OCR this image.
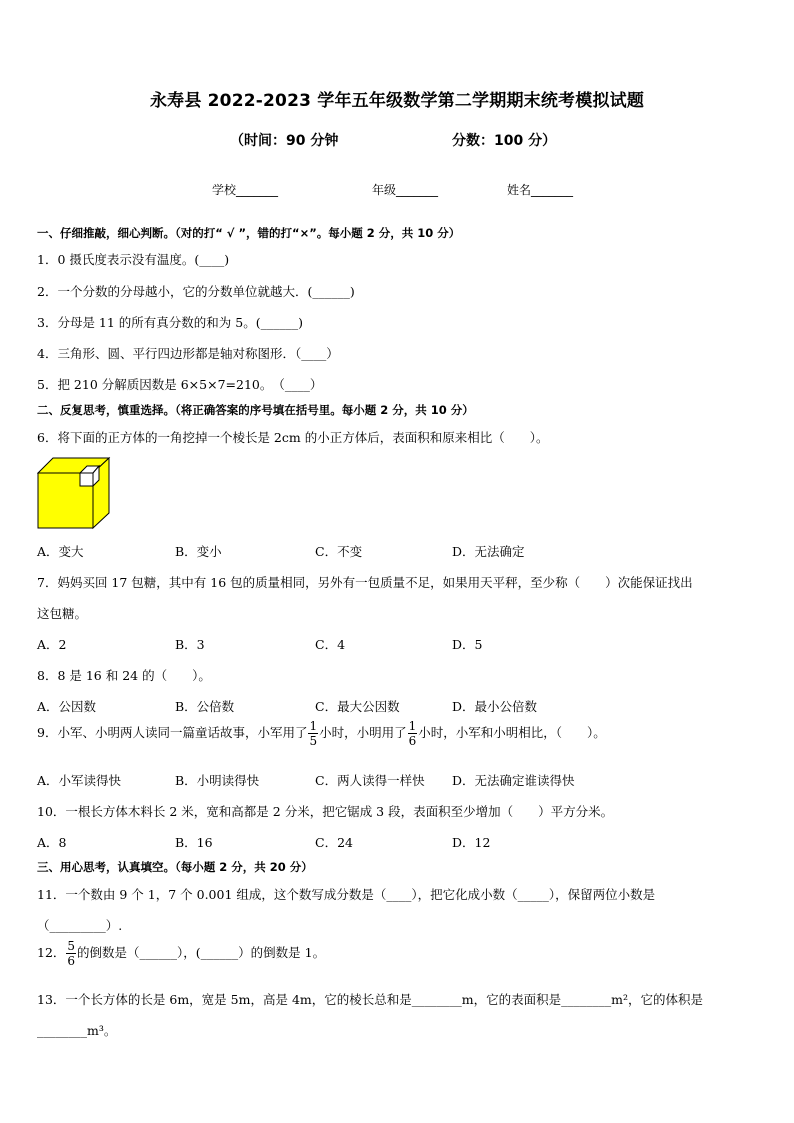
永寿县 2022-2023 学年五年级数学第二学期期末统考模拟试题
（时间：90 分钟	分数：100 分）
学校_______	年级_______	姓名_______
一、仔细推敲，细心判断。（对的打“ √ ”，错的打“×”。每小题 2 分，共 10 分）
1．0 摄氏度表示没有温度。(____)
2．一个分数的分母越小，它的分数单位就越大．(______)
3．分母是 11 的所有真分数的和为 5。(______)
4．三角形、圆、平行四边形都是轴对称图形．（____）
5．把 210 分解质因数是 6×5×7=210。　（____）
二、反复思考，慎重选择。（将正确答案的序号填在括号里。每小题 2 分，共 10 分）
6．将下面的正方体的一角挖掉一个棱长是 2cm 的小正方体后，表面积和原来相比（　　）。
A．变大	B．变小	C．不变	D．无法确定
7．妈妈买回 17 包糖，其中有 16 包的质量相同，另外有一包质量不足，如果用天平秤，至少称（　　）次能保证找出
这包糖。
A．2	B．3	C．4	D．5
8．8 是 16 和 24 的（　　）。
A．公因数	B．公倍数	C．最大公因数	D．最小公倍数
9．小军、小明两人读同一篇童话故事，小军用了 $\frac{1}{5}$ 小时，小明用了 $\frac{1}{6}$ 小时，小军和小明相比，（　　）。
A．小军读得快	B．小明读得快	C．两人读得一样快 D．无法确定谁读得快
10．一根长方体木料长 2 米，宽和高都是 2 分米，把它锯成 3 段，表面积至少增加（　　）平方分米。
A．8	B．16	C．24	D．12
三、用心思考，认真填空。（每小题 2 分，共 20 分）
11．一个数由 9 个 1，7 个 0.001 组成，这个数写成分数是（____），把它化成小数（_____），保留两位小数是
（_________）.
12． $\frac{5}{6}$ 的倒数是（______），(______）的倒数是 1。
13．一个长方体的长是 6m，宽是 5m，高是 4m，它的棱长总和是________m，它的表面积是________m²，它的体积是
________m³。
